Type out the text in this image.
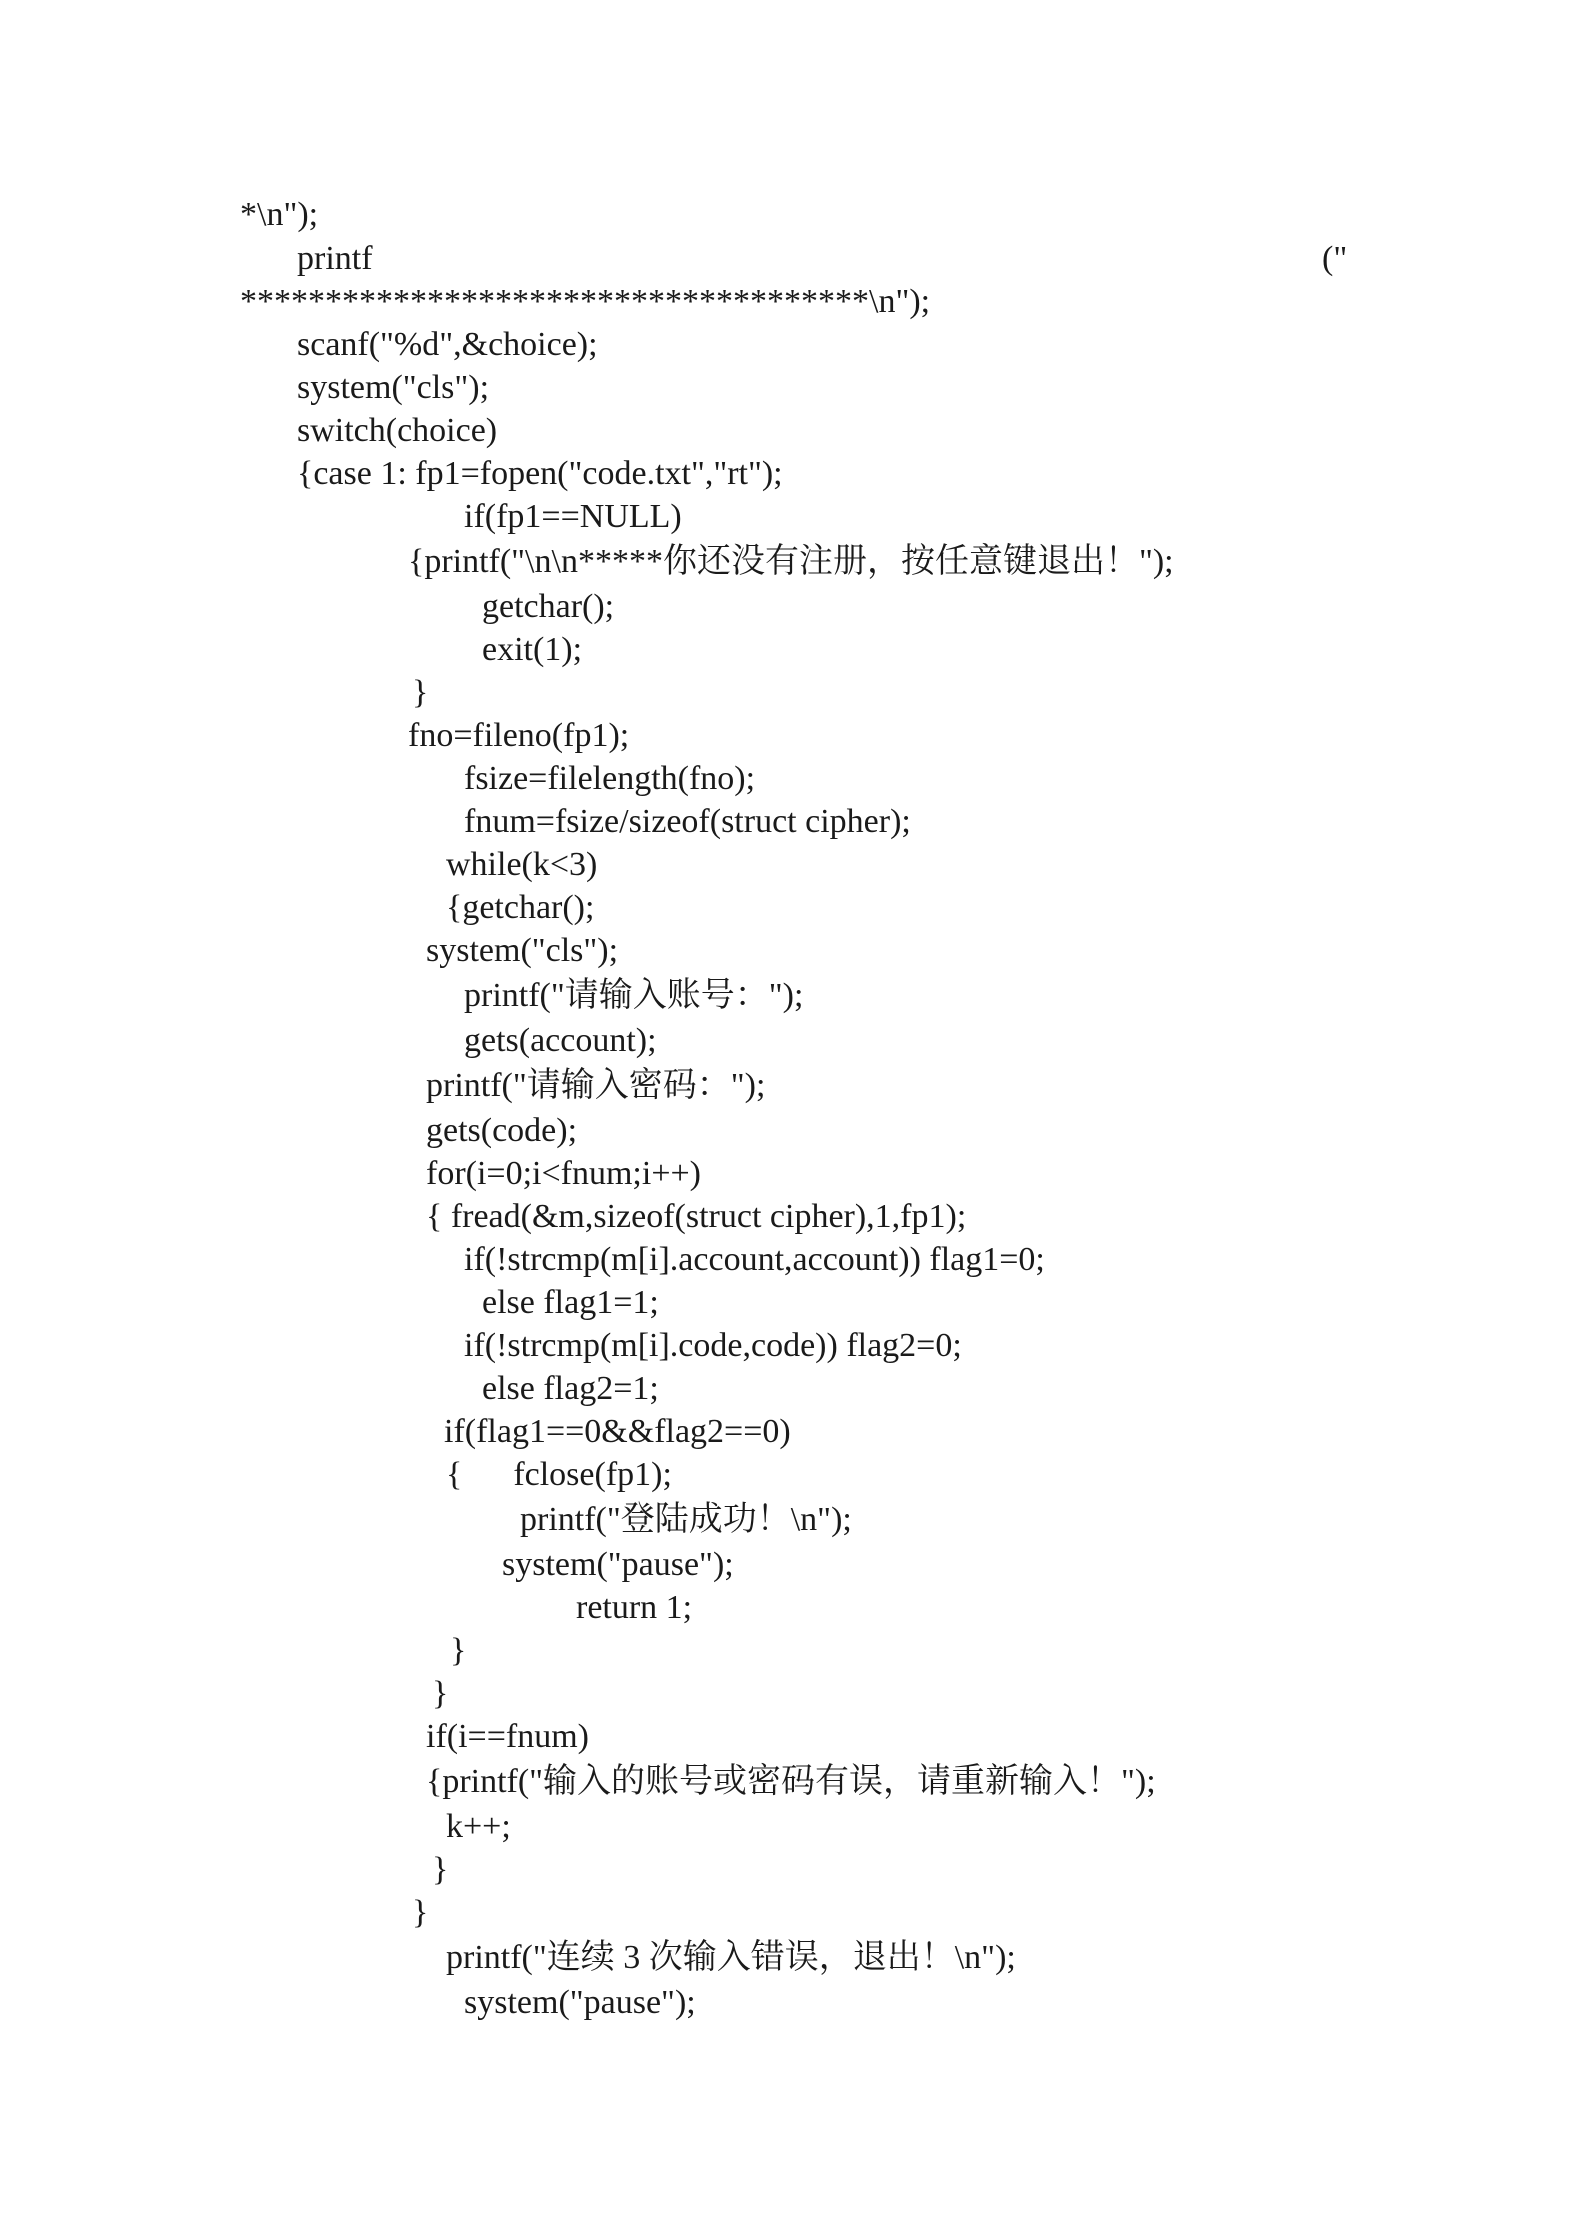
*\n");
printf	("
*************************************\n");
scanf("%d",&choice);
system("cls");
switch(choice)
{case 1: fp1=fopen("code.txt","rt");
if(fp1==NULL)
{printf("\n\n*****你还没有注册，按任意键退出！");
getchar();
exit(1);
}
fno=fileno(fp1);
fsize=filelength(fno);
fnum=fsize/sizeof(struct cipher);
while(k<3)
{getchar();
system("cls");
printf("请输入账号：");
gets(account);
printf("请输入密码：");
gets(code);
for(i=0;i<fnum;i++)
{ fread(&m,sizeof(struct cipher),1,fp1);
if(!strcmp(m[i].account,account)) flag1=0;
else flag1=1;
if(!strcmp(m[i].code,code)) flag2=0;
else flag2=1;
if(flag1==0&&flag2==0)
{      fclose(fp1);
printf("登陆成功！\n");
system("pause");
return 1;
}
}
if(i==fnum)
{printf("输入的账号或密码有误，请重新输入！");
k++;
}
}
printf("连续 3 次输入错误，退出！\n");
system("pause");
